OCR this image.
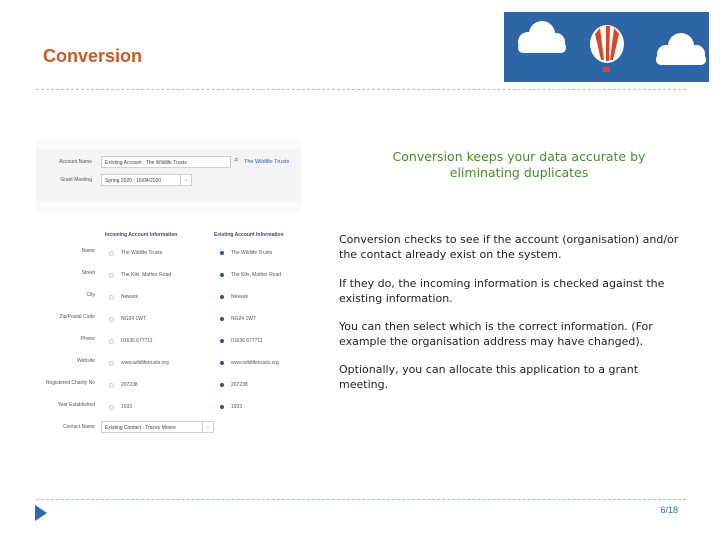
Conversion
Account Name	Existing Account : The Wildlife Trusts	⌕ The Wildlife Trusts
Grant Meeting	Spring 2020 : 16/04/2020	⌄
Incoming Account Information	Existing Account Information
Name	The Wildlife Trusts	The Wildlife Trusts
Street	The Kiln, Mather Road	The Kiln, Mather Road
City	Newark	Newark
Zip/Postal Code	NG24 1WT	NG24 1WT
Phone	01636 677711	01636 677711
Website	www.wildlifetrusts.org	www.wildlifetrusts.org
Registered Charity No	207238	207238
Year Established	1933	1933
Contact Name	Existing Contact : Tracey Moore	⌄
Conversion keeps your data accurate by eliminating duplicates
Conversion checks to see if the account (organisation) and/or the contact already exist on the system.
If they do, the incoming information is checked against the existing information.
You can then select which is the correct information. (For example the organisation address may have changed).
Optionally, you can allocate this application to a grant meeting.
6/18
